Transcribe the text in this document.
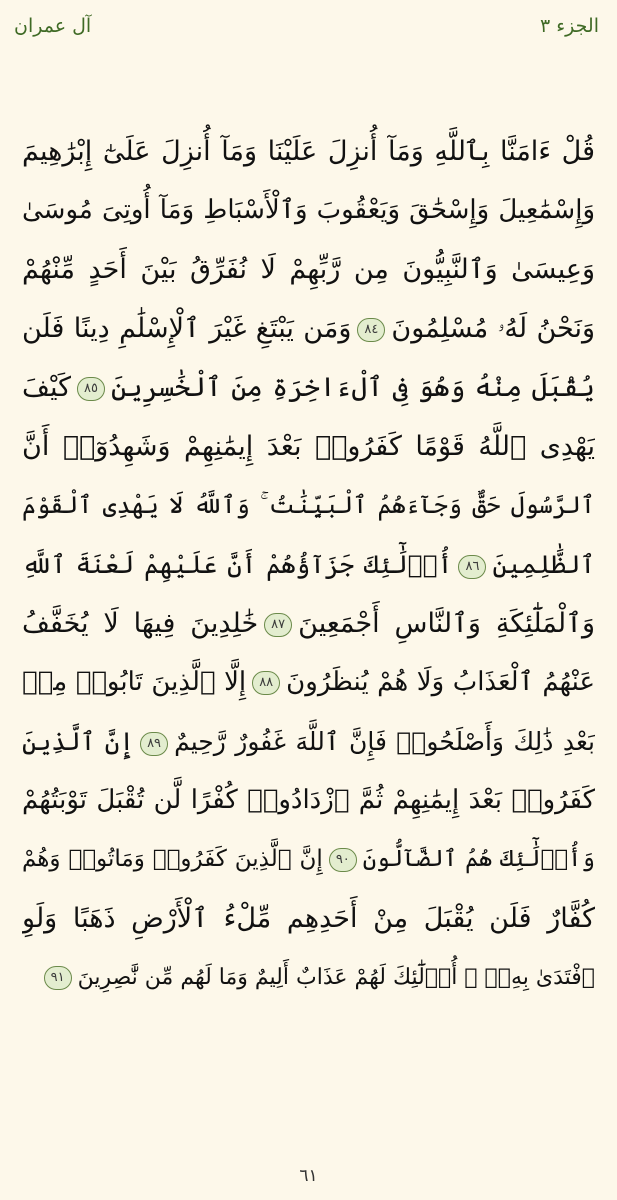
آل عمران	الجزء ٣
قُلْ ءَامَنَّا بِٱللَّهِ وَمَآ أُنزِلَ عَلَيْنَا وَمَآ أُنزِلَ عَلَىٰٓ إِبْرَٰهِيمَ
وَإِسْمَٰعِيلَ وَإِسْحَٰقَ وَيَعْقُوبَ وَٱلْأَسْبَاطِ وَمَآ أُوتِىَ مُوسَىٰ
وَعِيسَىٰ وَٱلنَّبِيُّونَ مِن رَّبِّهِمْ لَا نُفَرِّقُ بَيْنَ أَحَدٍ مِّنْهُمْ
وَنَحْنُ لَهُۥ مُسْلِمُونَ٨٤وَمَن يَبْتَغِ غَيْرَ ٱلْإِسْلَٰمِ دِينًا فَلَن
يُقْبَلَ مِنْهُ وَهُوَ فِى ٱلْءَاخِرَةِ مِنَ ٱلْخَٰسِرِينَ٨٥كَيْفَ
يَهْدِى ٱللَّهُ قَوْمًا كَفَرُوا۟ بَعْدَ إِيمَٰنِهِمْ وَشَهِدُوٓا۟ أَنَّ
ٱلرَّسُولَ حَقٌّ وَجَآءَهُمُ ٱلْبَيِّنَٰتُ ۚ وَٱللَّهُ لَا يَهْدِى ٱلْقَوْمَ
ٱلظَّٰلِمِينَ٨٦أُو۟لَٰٓئِكَ جَزَآؤُهُمْ أَنَّ عَلَيْهِمْ لَعْنَةَ ٱللَّهِ
وَٱلْمَلَٰٓئِكَةِ وَٱلنَّاسِ أَجْمَعِينَ٨٧خَٰلِدِينَ فِيهَا لَا يُخَفَّفُ
عَنْهُمُ ٱلْعَذَابُ وَلَا هُمْ يُنظَرُونَ٨٨إِلَّا ٱلَّذِينَ تَابُوا۟ مِنۢ
بَعْدِ ذَٰلِكَ وَأَصْلَحُوا۟ فَإِنَّ ٱللَّهَ غَفُورٌ رَّحِيمٌ٨٩إِنَّ ٱلَّذِينَ
كَفَرُوا۟ بَعْدَ إِيمَٰنِهِمْ ثُمَّ ٱزْدَادُوا۟ كُفْرًا لَّن تُقْبَلَ تَوْبَتُهُمْ
وَأُو۟لَٰٓئِكَ هُمُ ٱلضَّآلُّونَ٩٠إِنَّ ٱلَّذِينَ كَفَرُوا۟ وَمَاتُوا۟ وَهُمْ
كُفَّارٌ فَلَن يُقْبَلَ مِنْ أَحَدِهِم مِّلْءُ ٱلْأَرْضِ ذَهَبًا وَلَوِ
ٱفْتَدَىٰ بِهِۦٓ ۗ أُو۟لَٰٓئِكَ لَهُمْ عَذَابٌ أَلِيمٌ وَمَا لَهُم مِّن نَّٰصِرِينَ٩١
٦١
